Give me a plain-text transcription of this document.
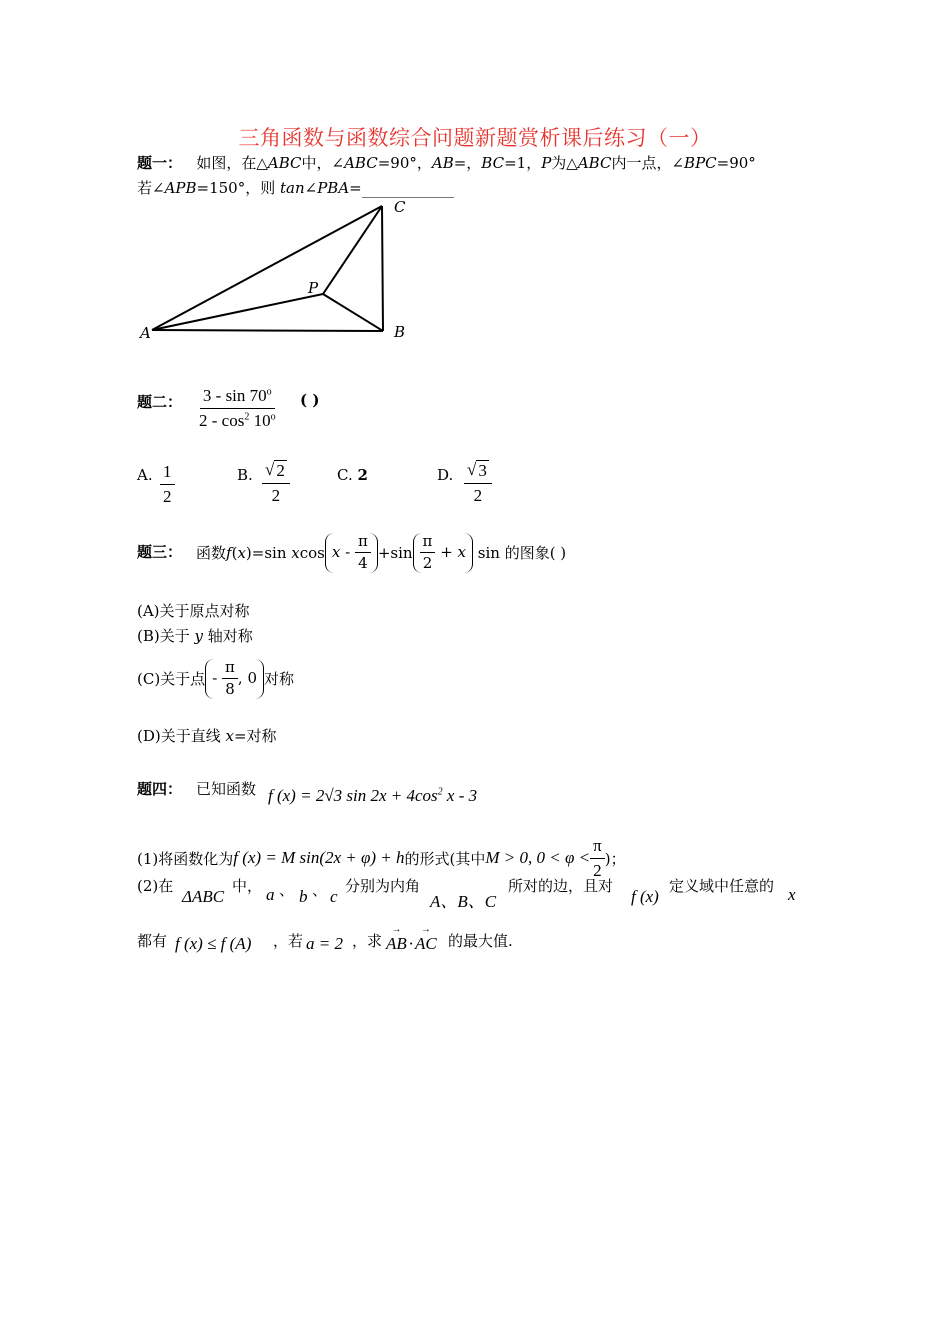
三角函数与函数综合问题新题赏析课后练习（一）
题一： 如图，在△ABC中，∠ABC=90°，AB=，BC=1，P为△ABC内一点，∠BPC=90°
若∠APB=150°，则 tan∠PBA=
A	B
C
P
题二： $\frac{3 - \sin 70^o}{2 - \cos^2 10^o}$ ( )
A. $\frac{1}{2}$	B. $\frac{√ 2}{2}$	C. 2	D. $\frac{√ 3}{2}$
题三： 函数 f ( x )=sin
x $\cos x - \frac{\pi}{4} +\sin \frac{\pi}{2} + x$
sin 的图象( )
(A)关于原点对称
(B)关于 y 轴对称
(C)关于点 - $\frac{\pi}{8}$ , 0 对称
(D)关于直线 x=对称
题四： 已知函数 f (x) = 2√3 $\sin 2x + 4\cos^2$ x - 3
(1)将函数化为 f (x) = M sin(2x + φ) + h 的形式(其中 M > 0, $0 < \varphi < \frac{\pi}{2}$ )；
(2)在
ΔABC
中， a 、 b 、 c
分别为内角
A、B、C
所对的边，且对
f (x)
定义域中任意的 x
都有 f (x) ≤ f (A) ，若 a = 2 ，求
→
AB ·
→
AC 的最大值.
